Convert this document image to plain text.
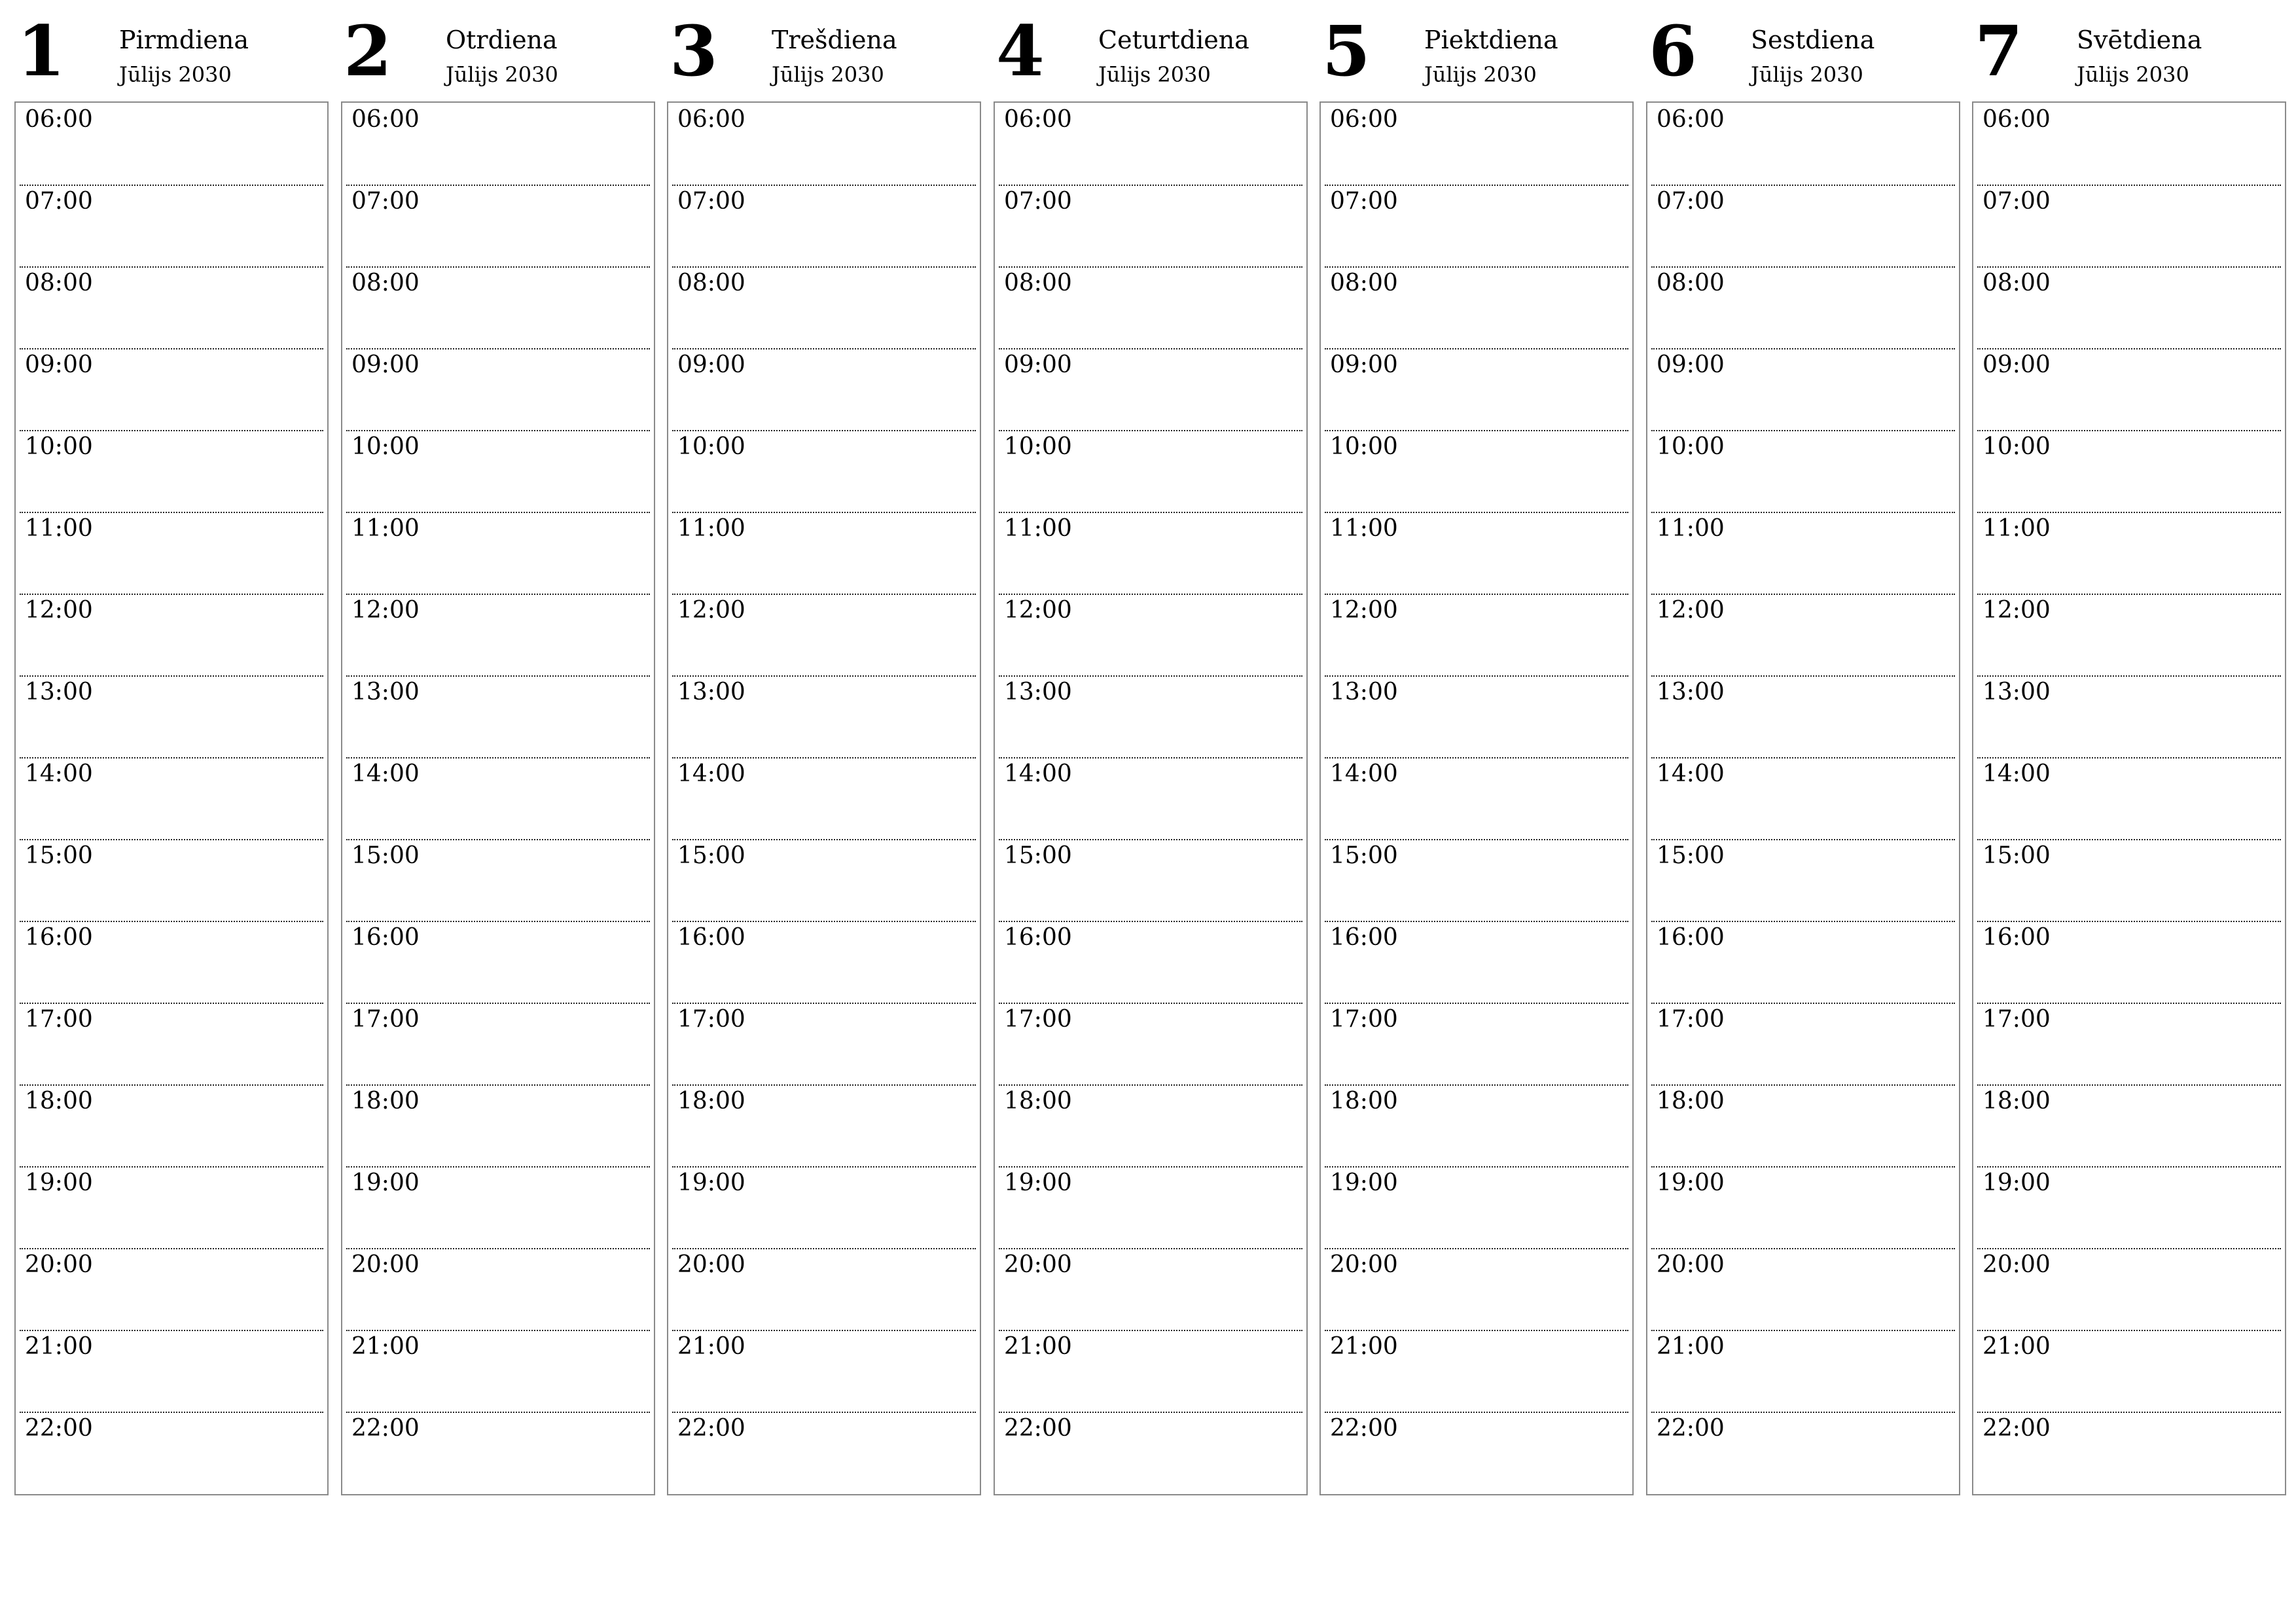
1 Pirmdiena
Jūlijs 2030
06:00
07:00
08:00
09:00
10:00
11:00
12:00
13:00
14:00
15:00
16:00
17:00
18:00
19:00
20:00
21:00
22:00
2 Otrdiena
Jūlijs 2030
06:00
07:00
08:00
09:00
10:00
11:00
12:00
13:00
14:00
15:00
16:00
17:00
18:00
19:00
20:00
21:00
22:00
3 Trešdiena
Jūlijs 2030
06:00
07:00
08:00
09:00
10:00
11:00
12:00
13:00
14:00
15:00
16:00
17:00
18:00
19:00
20:00
21:00
22:00
4 Ceturtdiena
Jūlijs 2030
06:00
07:00
08:00
09:00
10:00
11:00
12:00
13:00
14:00
15:00
16:00
17:00
18:00
19:00
20:00
21:00
22:00
5 Piektdiena
Jūlijs 2030
06:00
07:00
08:00
09:00
10:00
11:00
12:00
13:00
14:00
15:00
16:00
17:00
18:00
19:00
20:00
21:00
22:00
6 Sestdiena
Jūlijs 2030
06:00
07:00
08:00
09:00
10:00
11:00
12:00
13:00
14:00
15:00
16:00
17:00
18:00
19:00
20:00
21:00
22:00
7 Svētdiena
Jūlijs 2030
06:00
07:00
08:00
09:00
10:00
11:00
12:00
13:00
14:00
15:00
16:00
17:00
18:00
19:00
20:00
21:00
22:00
